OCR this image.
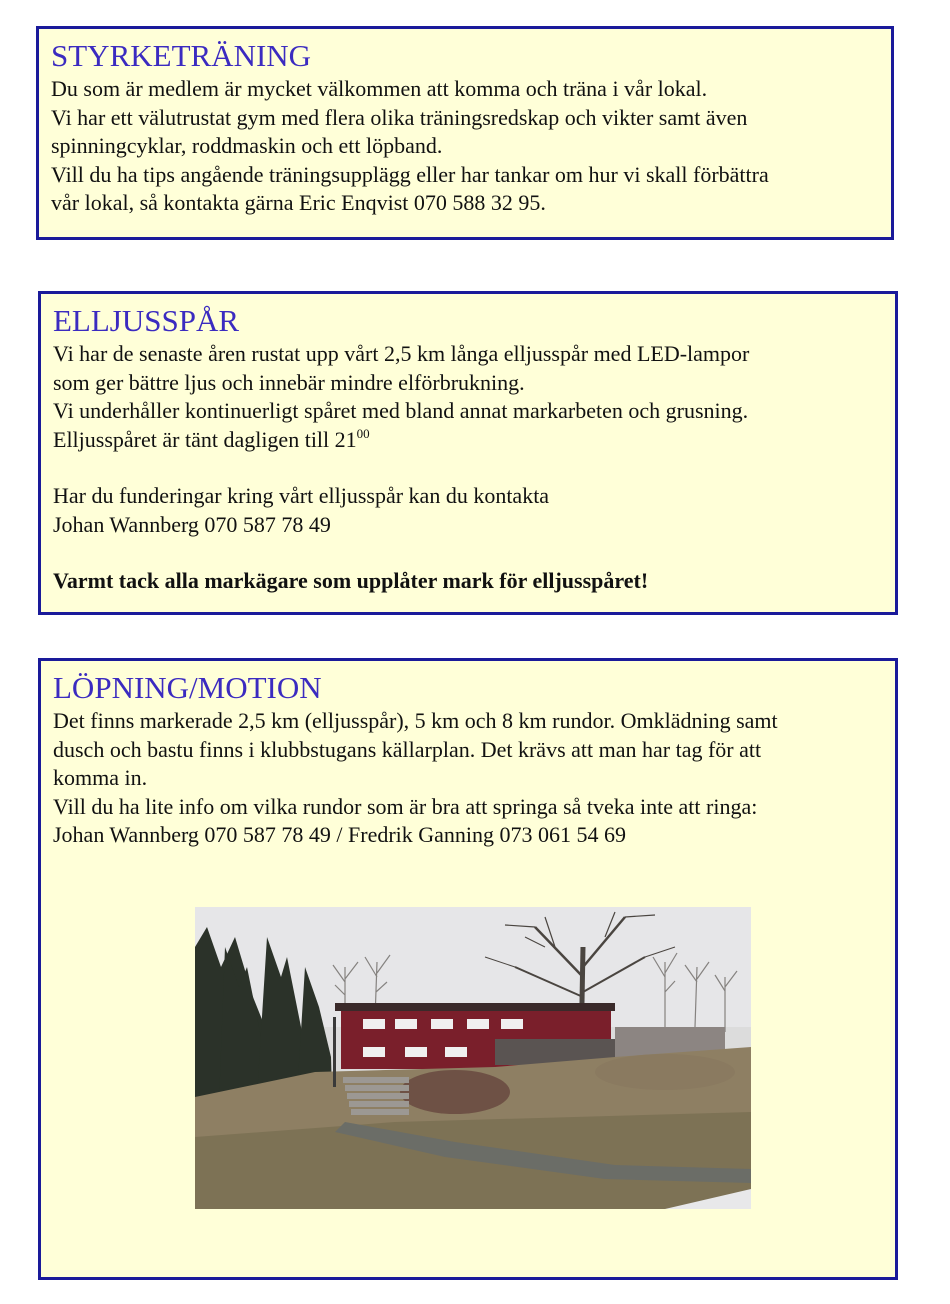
STYRKETRÄNING
Du som är medlem är mycket välkommen att komma och träna i vår lokal.
Vi har ett välutrustat gym med flera olika träningsredskap och vikter samt även
spinningcyklar, roddmaskin och ett löpband.
Vill du ha tips angående träningsupplägg eller har tankar om hur vi skall förbättra
vår lokal, så kontakta gärna Eric Enqvist 070 588 32 95.
ELLJUSSPÅR
Vi har de senaste åren rustat upp vårt 2,5 km långa elljusspår med LED-lampor
som ger bättre ljus och innebär mindre elförbrukning.
Vi underhåller kontinuerligt spåret med bland annat markarbeten och grusning.
Elljusspåret är tänt dagligen till $21^{00}$
Har du funderingar kring vårt elljusspår kan du kontakta
Johan Wannberg 070 587 78 49
Varmt tack alla markägare som upplåter mark för elljusspåret!
LÖPNING/MOTION
Det finns markerade 2,5 km (elljusspår), 5 km och 8 km rundor. Omklädning samt
dusch och bastu finns i klubbstugans källarplan. Det krävs att man har tag för att
komma in.
Vill du ha lite info om vilka rundor som är bra att springa så tveka inte att ringa:
Johan Wannberg 070 587 78 49 / Fredrik Ganning 073 061 54 69
